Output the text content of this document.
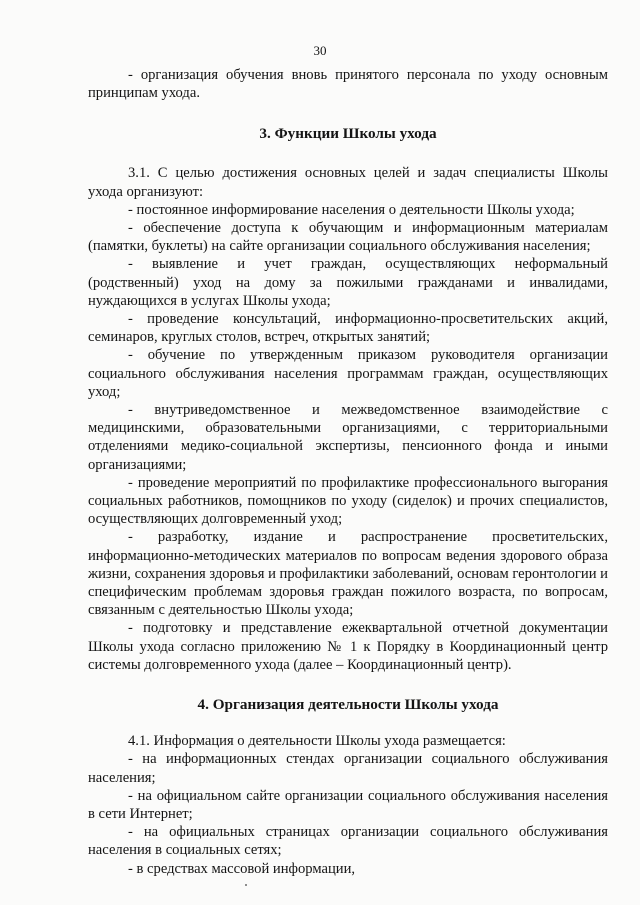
30

- организация обучения вновь принятого персонала по уходу основным принципам ухода.

3. Функции Школы ухода

3.1. С целью достижения основных целей и задач специалисты Школы ухода организуют:

- постоянное информирование населения о деятельности Школы ухода;

- обеспечение доступа к обучающим и информационным материалам (памятки, буклеты) на сайте организации социального обслуживания населения;

- выявление и учет граждан, осуществляющих неформальный (родственный) уход на дому за пожилыми гражданами и инвалидами, нуждающихся в услугах Школы ухода;

- проведение консультаций, информационно-просветительских акций, семинаров, круглых столов, встреч, открытых занятий;

- обучение по утвержденным приказом руководителя организации социального обслуживания населения программам граждан, осуществляющих уход;

- внутриведомственное и межведомственное взаимодействие с медицинскими, образовательными организациями, с территориальными отделениями медико-социальной экспертизы, пенсионного фонда и иными организациями;

- проведение мероприятий по профилактике профессионального выгорания социальных работников, помощников по уходу (сиделок) и прочих специалистов, осуществляющих долговременный уход;

- разработку, издание и распространение просветительских, информационно-методических материалов по вопросам ведения здорового образа жизни, сохранения здоровья и профилактики заболеваний, основам геронтологии и специфическим проблемам здоровья граждан пожилого возраста, по вопросам, связанным с деятельностью Школы ухода;

- подготовку и представление ежеквартальной отчетной документации Школы ухода согласно приложению № 1 к Порядку в Координационный центр системы долговременного ухода (далее – Координационный центр).

4. Организация деятельности Школы ухода

4.1. Информация о деятельности Школы ухода размещается:

- на информационных стендах организации социального обслуживания населения;

- на официальном сайте организации социального обслуживания населения в сети Интернет;

- на официальных страницах организации социального обслуживания населения в социальных сетях;

- в средствах массовой информации,
